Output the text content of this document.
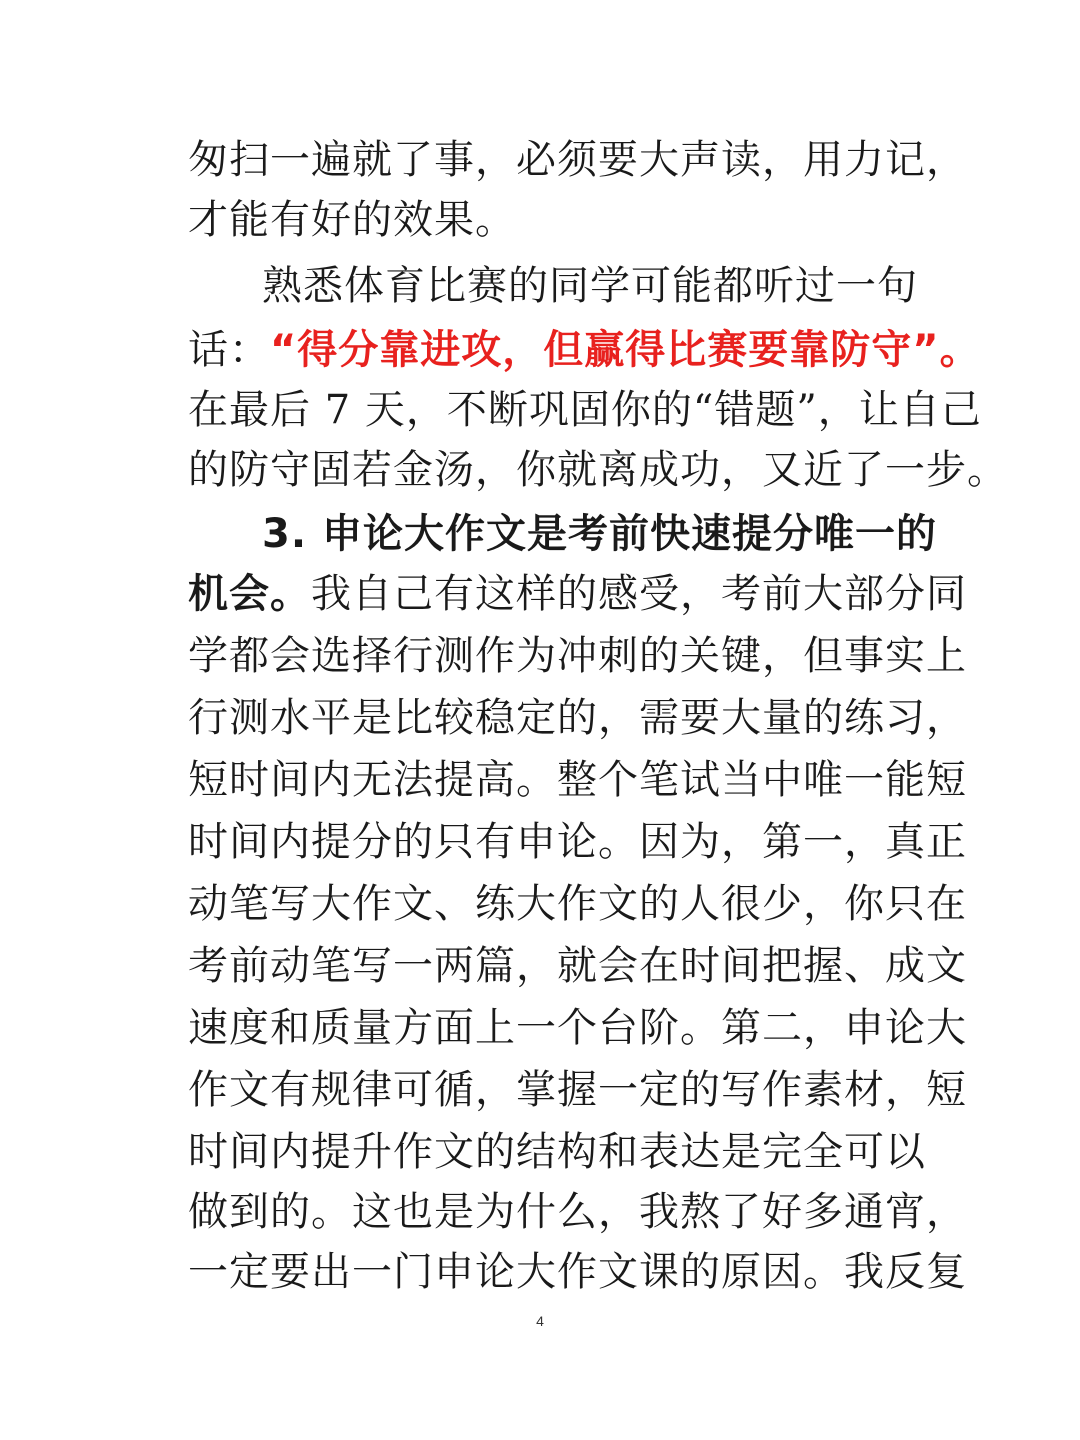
匆扫一遍就了事，必须要大声读，用力记，
才能有好的效果。
熟悉体育比赛的同学可能都听过一句
话：“得分靠进攻，但赢得比赛要靠防守”。
在最后 7 天，不断巩固你的“错题”，让自己
的防守固若金汤，你就离成功，又近了一步。
3. 申论大作文是考前快速提分唯一的
机会。我自己有这样的感受，考前大部分同
学都会选择行测作为冲刺的关键，但事实上
行测水平是比较稳定的，需要大量的练习，
短时间内无法提高。整个笔试当中唯一能短
时间内提分的只有申论。因为，第一，真正
动笔写大作文、练大作文的人很少，你只在
考前动笔写一两篇，就会在时间把握、成文
速度和质量方面上一个台阶。第二，申论大
作文有规律可循，掌握一定的写作素材，短
时间内提升作文的结构和表达是完全可以
做到的。这也是为什么，我熬了好多通宵，
一定要出一门申论大作文课的原因。我反复
4
